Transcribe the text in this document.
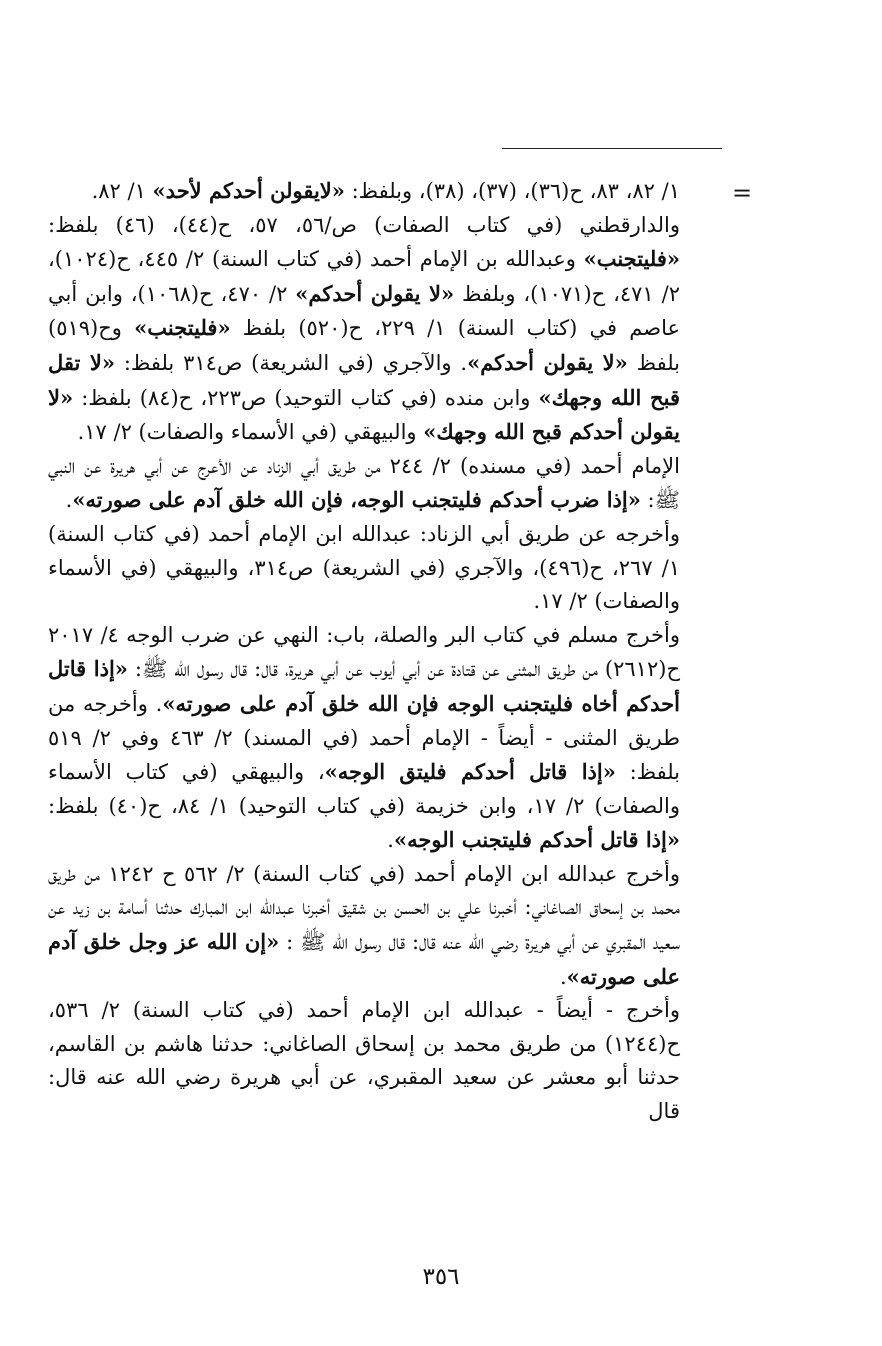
=

١/ ٨٢، ٨٣، ح(٣٦)، (٣٧)، (٣٨)، وبلفظ: «لايقولن أحدكم لأحد» ١/ ٨٢.

والدارقطني (في كتاب الصفات) ص/٥٦، ٥٧، ح(٤٤)، (٤٦) بلفظ: «فليتجنب» وعبدالله بن الإمام أحمد (في كتاب السنة) ٢/ ٤٤٥، ح(١٠٢٤)، ٢/ ٤٧١، ح(١٠٧١)، وبلفظ «لا يقولن أحدكم» ٢/ ٤٧٠، ح(١٠٦٨)، وابن أبي عاصم في (كتاب السنة) ١/ ٢٢٩، ح(٥٢٠) بلفظ «فليتجنب» وح(٥١٩) بلفظ «لا يقولن أحدكم». والآجري (في الشريعة) ص٣١٤ بلفظ: «لا تقل قبح الله وجهك» وابن منده (في كتاب التوحيد) ص٢٢٣، ح(٨٤) بلفظ: «لا يقولن أحدكم قبح الله وجهك» والبيهقي (في الأسماء والصفات) ٢/ ١٧.

الإمام أحمد (في مسنده) ٢/ ٢٤٤ من طريق أبي الزناد عن الأعرج عن أبي هريرة عن النبي ﷺ: «إذا ضرب أحدكم فليتجنب الوجه، فإن الله خلق آدم على صورته».

وأخرجه عن طريق أبي الزناد: عبدالله ابن الإمام أحمد (في كتاب السنة) ١/ ٢٦٧، ح(٤٩٦)، والآجري (في الشريعة) ص٣١٤، والبيهقي (في الأسماء والصفات) ٢/ ١٧.

وأخرج مسلم في كتاب البر والصلة، باب: النهي عن ضرب الوجه ٤/ ٢٠١٧ ح(٢٦١٢) من طريق المثنى عن قتادة عن أبي أيوب عن أبي هريرة، قال: قال رسول الله ﷺ: «إذا قاتل أحدكم أخاه فليتجنب الوجه فإن الله خلق آدم على صورته». وأخرجه من طريق المثنى - أيضاً - الإمام أحمد (في المسند) ٢/ ٤٦٣ وفي ٢/ ٥١٩ بلفظ: «إذا قاتل أحدكم فليتق الوجه»، والبيهقي (في كتاب الأسماء والصفات) ٢/ ١٧، وابن خزيمة (في كتاب التوحيد) ١/ ٨٤، ح(٤٠) بلفظ: «إذا قاتل أحدكم فليتجنب الوجه».

وأخرج عبدالله ابن الإمام أحمد (في كتاب السنة) ٢/ ٥٦٢ ح ١٢٤٢ من طريق محمد بن إسحاق الصاغاني: أخبرنا علي بن الحسن بن شقيق أخبرنا عبدالله ابن المبارك حدثنا أسامة بن زيد عن سعيد المقبري عن أبي هريرة رضي الله عنه قال: قال رسول الله ﷺ : «إن الله عز وجل خلق آدم على صورته».

وأخرج - أيضاً - عبدالله ابن الإمام أحمد (في كتاب السنة) ٢/ ٥٣٦، ح(١٢٤٤) من طريق محمد بن إسحاق الصاغاني: حدثنا هاشم بن القاسم، حدثنا أبو معشر عن سعيد المقبري، عن أبي هريرة رضي الله عنه قال: قال

٣٥٦
